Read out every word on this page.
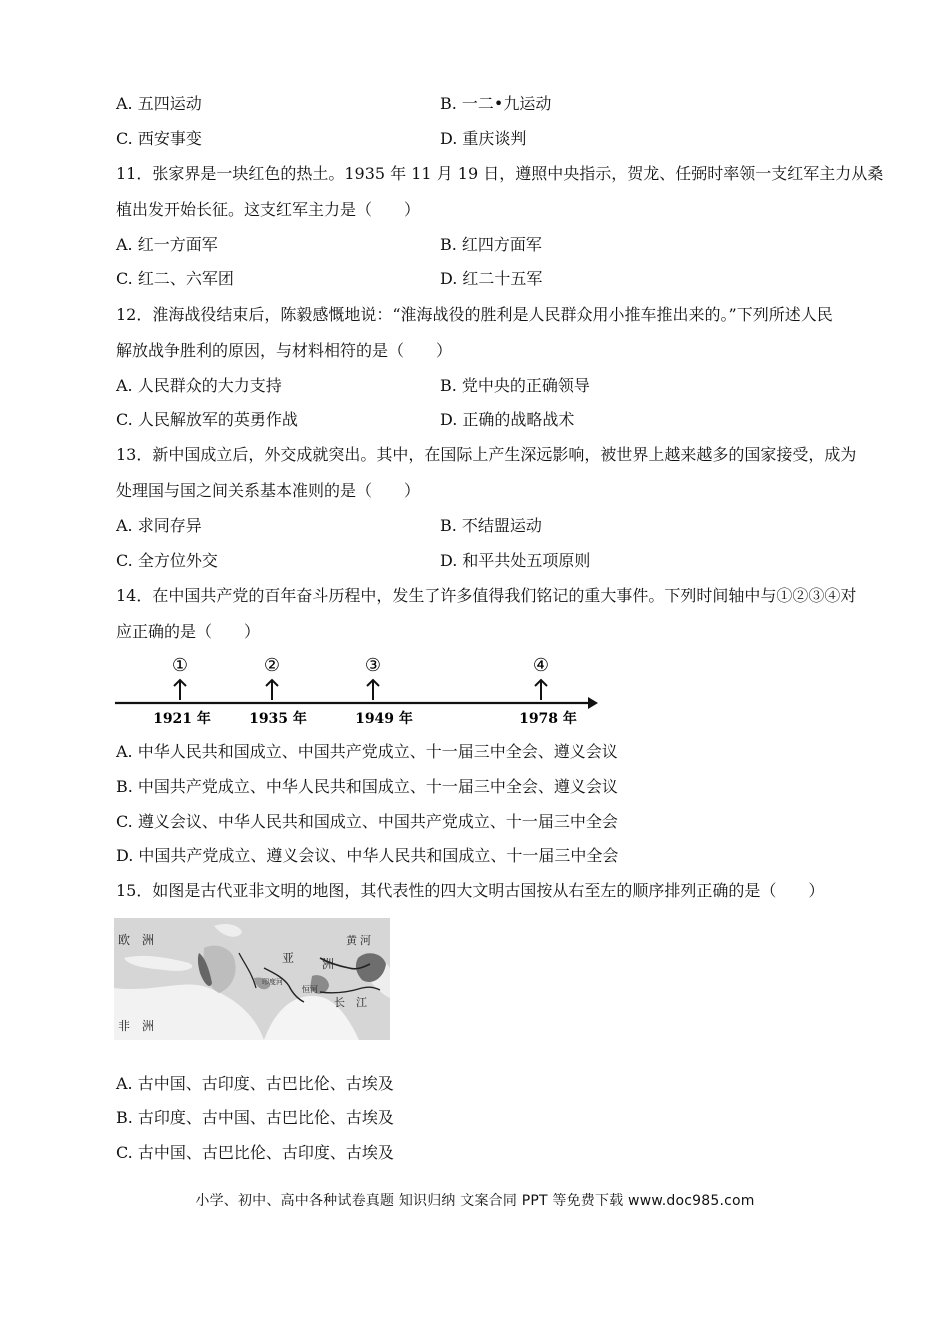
A. 五四运动	B. 一二•九运动
C. 西安事变	D. 重庆谈判
11．张家界是一块红色的热土。1935 年 11 月 19 日，遵照中央指示，贺龙、任弼时率领一支红军主力从桑
植出发开始长征。这支红军主力是（　　）
A. 红一方面军	B. 红四方面军
C. 红二、六军团	D. 红二十五军
12．淮海战役结束后，陈毅感慨地说：“淮海战役的胜利是人民群众用小推车推出来的。”下列所述人民
解放战争胜利的原因，与材料相符的是（　　）
A. 人民群众的大力支持	B. 党中央的正确领导
C. 人民解放军的英勇作战	D. 正确的战略战术
13．新中国成立后，外交成就突出。其中，在国际上产生深远影响，被世界上越来越多的国家接受，成为
处理国与国之间关系基本准则的是（　　）
A. 求同存异	B. 不结盟运动
C. 全方位外交	D. 和平共处五项原则
14．在中国共产党的百年奋斗历程中，发生了许多值得我们铭记的重大事件。下列时间轴中与①②③④对
应正确的是（　　）
①
1921 年
②
1935 年
③
1949 年
④
1978 年
A. 中华人民共和国成立、中国共产党成立、十一届三中全会、遵义会议
B. 中国共产党成立、中华人民共和国成立、十一届三中全会、遵义会议
C. 遵义会议、中华人民共和国成立、中国共产党成立、十一届三中全会
D. 中国共产党成立、遵义会议、中华人民共和国成立、十一届三中全会
15．如图是古代亚非文明的地图，其代表性的四大文明古国按从右至左的顺序排列正确的是（　　）
欧　洲
非　洲
黄 河
长　江
亚 洲
恒河
印度河
A. 古中国、古印度、古巴比伦、古埃及
B. 古印度、古中国、古巴比伦、古埃及
C. 古中国、古巴比伦、古印度、古埃及
小学、初中、高中各种试卷真题 知识归纳 文案合同 PPT 等免费下载 www.doc985.com
